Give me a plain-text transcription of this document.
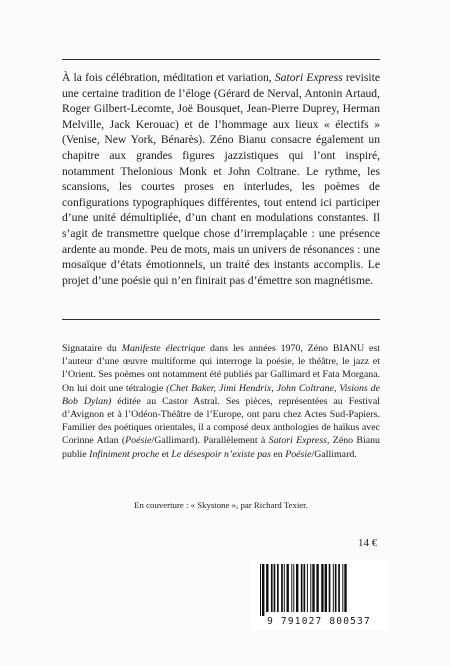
À la fois célébration, méditation et variation, Satori Express revisite une certaine tradition de l’éloge (Gérard de Nerval, Antonin Artaud, Roger Gilbert-Lecomte, Joë Bousquet, Jean-Pierre Duprey, Herman Melville, Jack Kerouac) et de l’hommage aux lieux « électifs » (Venise, New York, Bénarès). Zéno Bianu consacre également un chapitre aux grandes figures jazzistiques qui l’ont inspiré, notamment Thelonious Monk et John Coltrane. Le rythme, les scansions, les courtes proses en interludes, les poèmes de configurations typographiques différentes, tout entend ici participer d’une unité démultipliée, d’un chant en modulations constantes. Il s’agit de transmettre quelque chose d’irremplaçable : une présence ardente au monde. Peu de mots, mais un univers de résonances : une mosaïque d’états émotionnels, un traité des instants accomplis. Le projet d’une poésie qui n’en finirait pas d’émettre son magnétisme.
Signataire du Manifeste électrique dans les années 1970, Zéno BIANU est l’auteur d’une œuvre multiforme qui interroge la poésie, le théâtre, le jazz et l’Orient. Ses poèmes ont notamment été publiés par Gallimard et Fata Morgana. On lui doit une tétralogie (Chet Baker, Jimi Hendrix, John Coltrane, Visions de Bob Dylan) éditée au Castor Astral. Ses pièces, représentées au Festival d’Avignon et à l’Odéon-Théâtre de l’Europe, ont paru chez Actes Sud-Papiers. Familier des poétiques orientales, il a composé deux anthologies de haïkus avec Corinne Atlan (Poésie/Gallimard). Parallèlement à Satori Express, Zéno Bianu publie Infiniment proche et Le désespoir n’existe pas en Poésie/Gallimard.
En couverture : « Skystone », par Richard Texier.
14 €
9 791027 800537
